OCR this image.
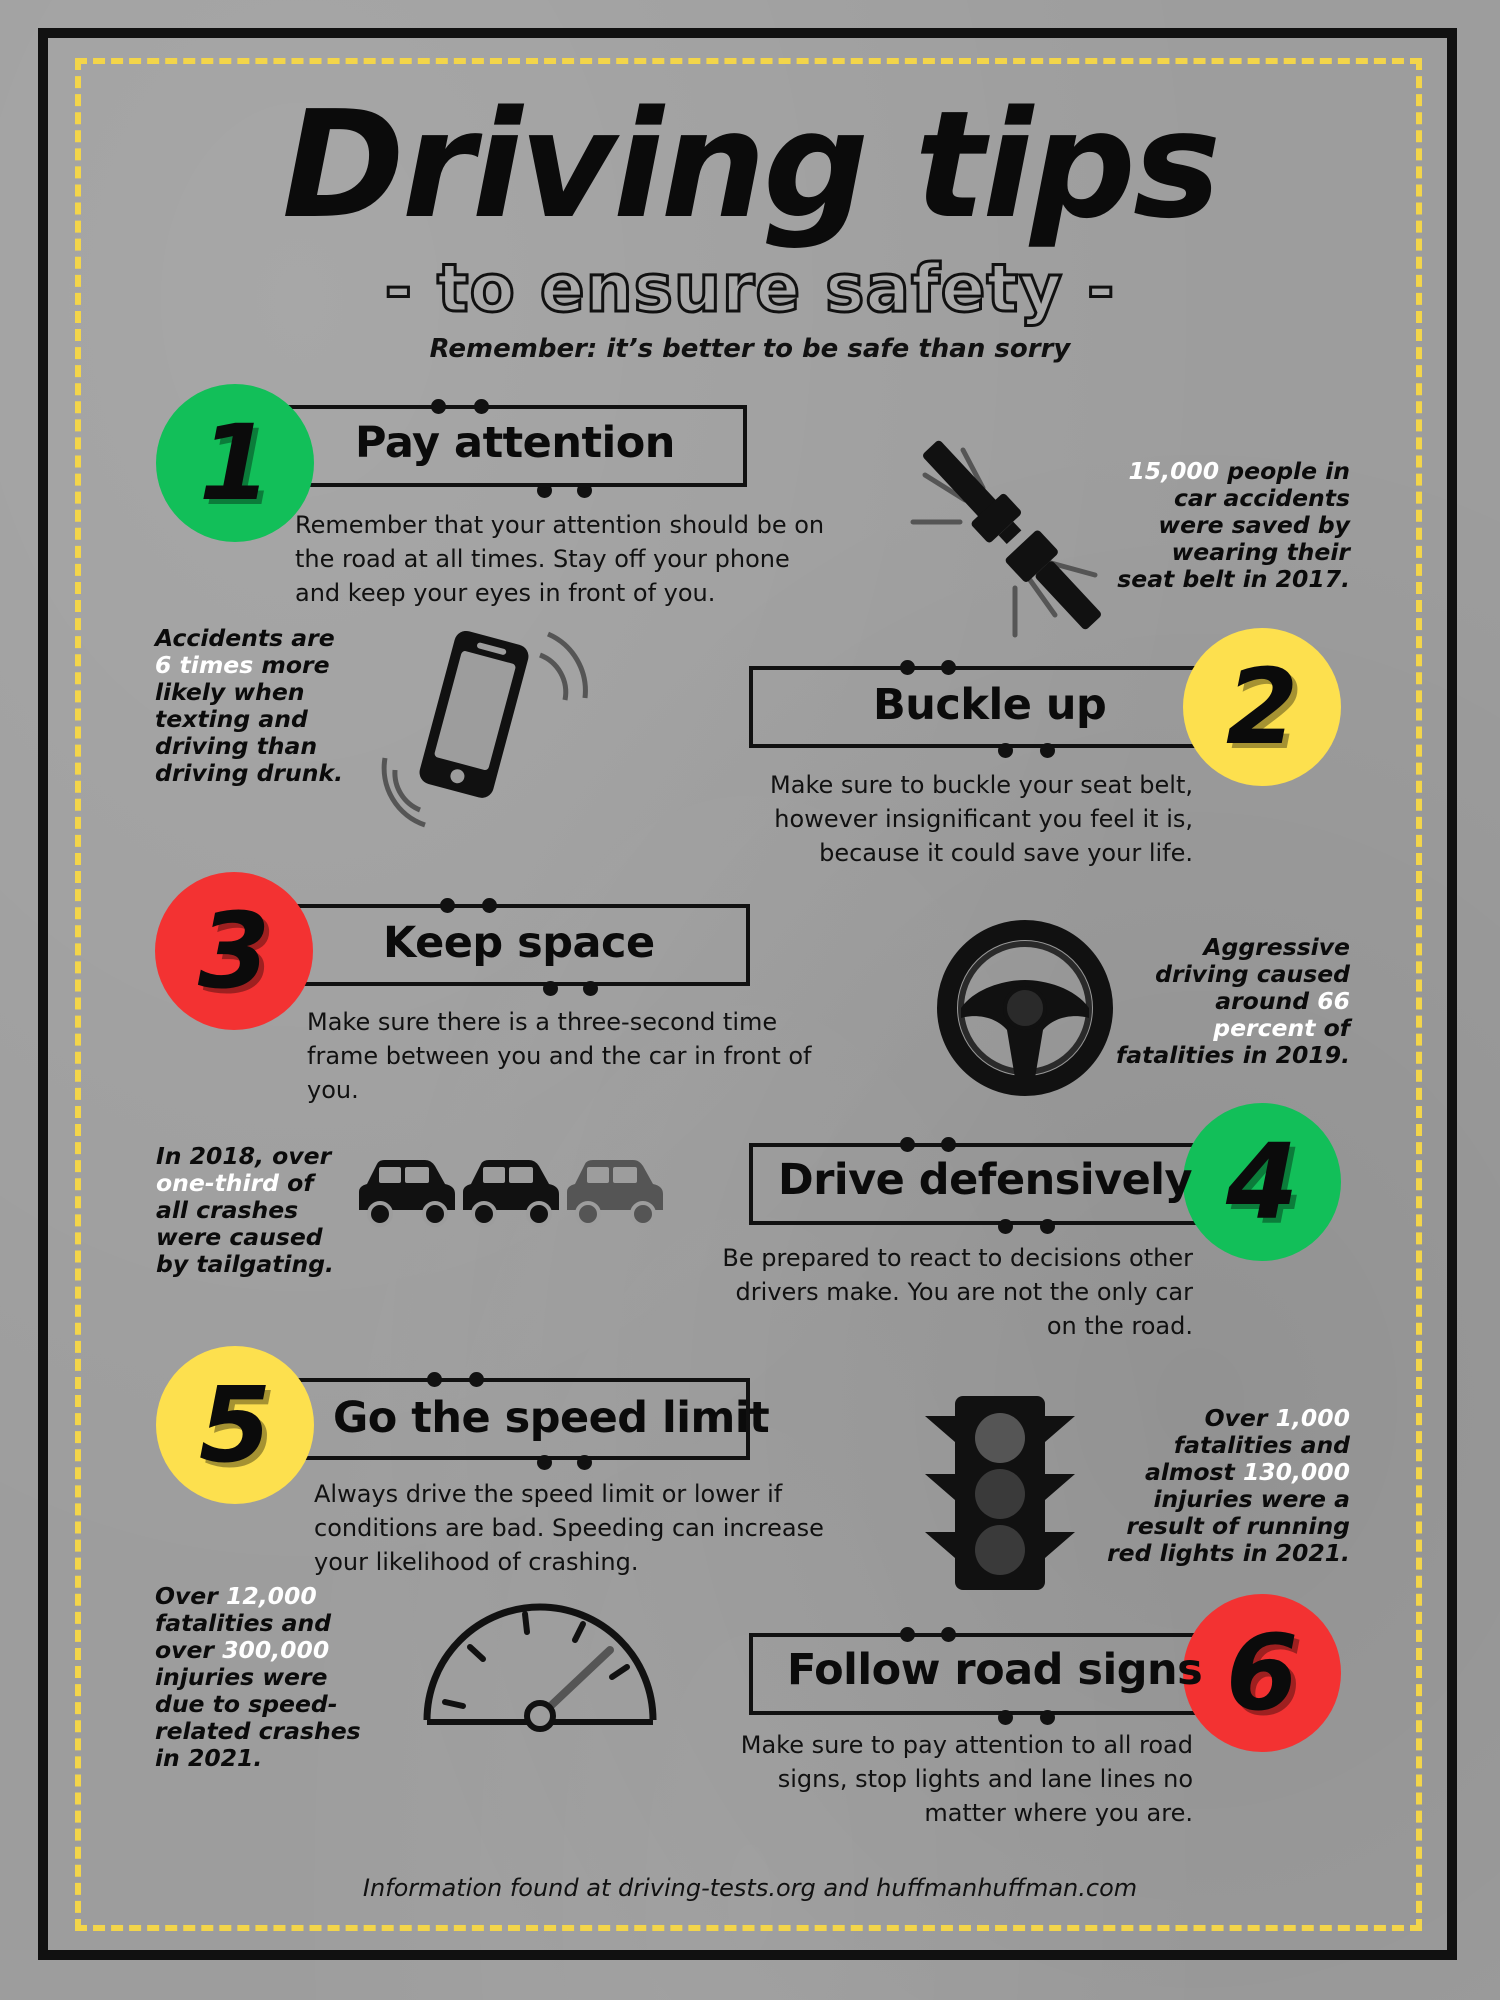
Driving tips
- to ensure safety -
Remember: it’s better to be safe than sorry
1 Pay attention
Remember that your attention should be on the road at all times. Stay off your phone and keep your eyes in front of you.
Accidents are
6 times more
likely when
texting and
driving than
driving drunk.
15,000 people in
car accidents
were saved by
wearing their
seat belt in 2017.
2
Buckle up
Make sure to buckle your seat belt, however insignificant you feel it is, because it could save your life.
3	Keep space
Make sure there is a three-second time frame between you and the car in front of you.
Aggressive
driving caused
around 66
percent of
fatalities in 2019.
In 2018, over
one-third of
all crashes
were caused
by tailgating.
4
Drive defensively
Be prepared to react to decisions other drivers make. You are not the only car on the road.
5 Go the speed limit
Always drive the speed limit or lower if conditions are bad. Speeding can increase your likelihood of crashing.
Over 1,000
fatalities and
almost 130,000
injuries were a
result of running
red lights in 2021.
Over 12,000
fatalities and
over 300,000
injuries were
due to speed-
related crashes
in 2021.
6
Follow road signs
Make sure to pay attention to all road signs, stop lights and lane lines no matter where you are.
Information found at driving-tests.org and huffmanhuffman.com
